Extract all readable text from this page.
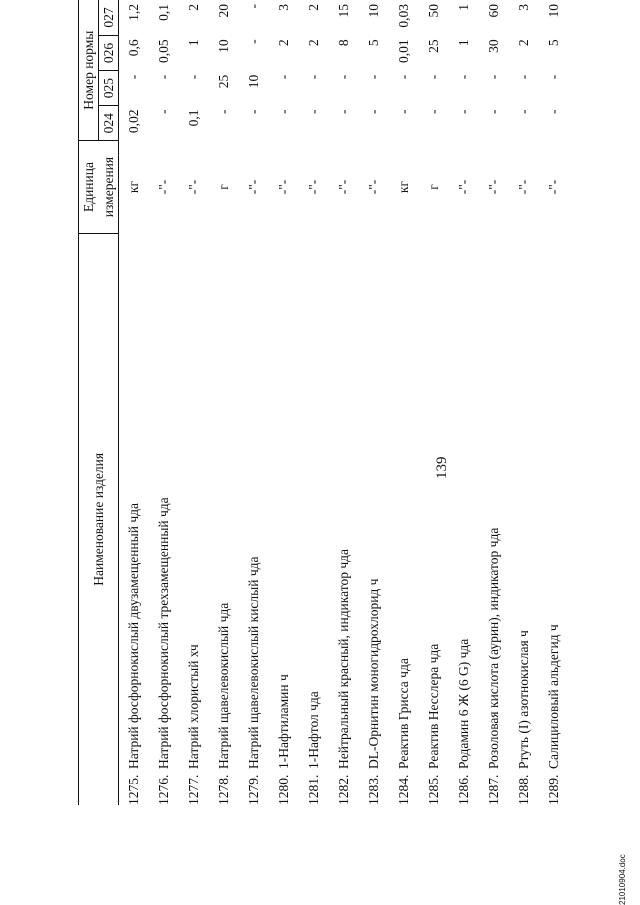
139
Наименование изделия	Единица	Номер нормы			
	измерения	024	025	026	027
1275.Натрий фосфорнокислый двузамещенный чда	кг	0,02	-	0,6	1,2
1276.Натрий фосфорнокислый трехзамещенный чда	-"-	-	-	0,05	0,1
1277.Натрий хлористый хч	-"-	0,1	-	1	2
1278.Натрий щавелевокислый чда	г	-	25	10	20
1279.Натрий щавелевокислый кислый чда	-"-	-	10	-	-
1280.1-Нафтиламин ч	-"-	-	-	2	3
1281.1-Нафтол чда	-"-	-	-	2	2
1282.Нейтральный красный, индикатор чда	-"-	-	-	8	15
1283.DL-Орнитин моногидрохлорид ч	-"-	-	-	5	10
1284.Реактив Грисса чда	кг	-	-	0,01	0,03
1285.Реактив Несслера чда	г	-	-	25	50
1286.Родамин 6 Ж (6 G) чда	-"-	-	-	1	1
1287.Розоловая кислота (аурин), индикатор чда	-"-	-	-	30	60
1288.Ртуть (I) азотнокислая ч	-"-	-	-	2	3
1289.Салициловый альдегид ч	-"-	-	-	5	10
21010904.doc
